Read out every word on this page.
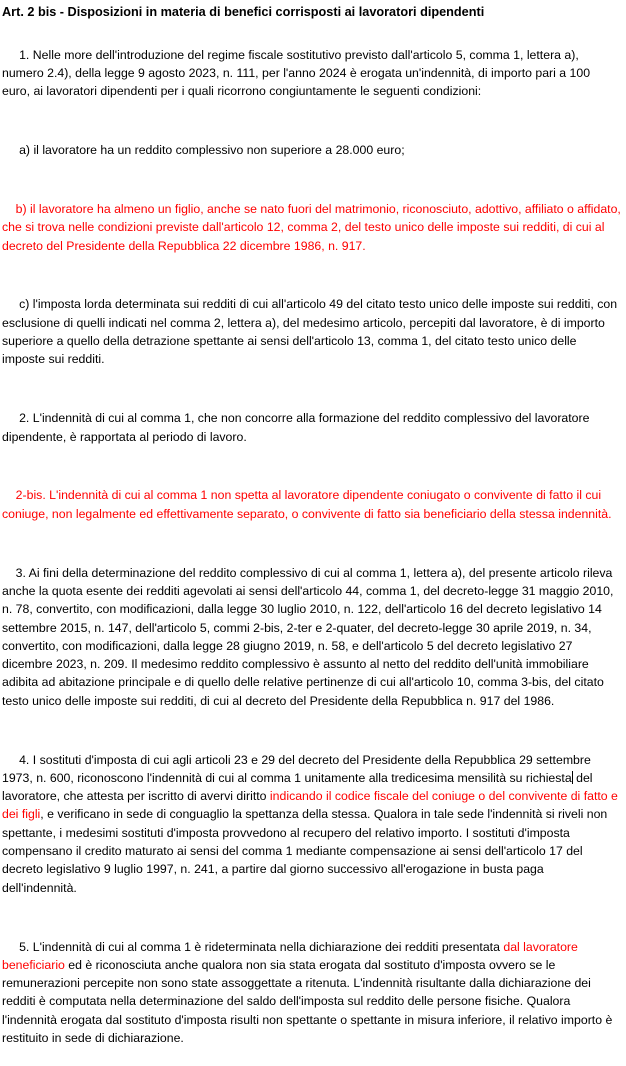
Art. 2 bis - Disposizioni in materia di benefici corrisposti ai lavoratori dipendenti

1. Nelle more dell'introduzione del regime fiscale sostitutivo previsto dall'articolo 5, comma 1, lettera a), numero 2.4), della legge 9 agosto 2023, n. 111, per l'anno 2024 è erogata un'indennità, di importo pari a 100 euro, ai lavoratori dipendenti per i quali ricorrono congiuntamente le seguenti condizioni:

a) il lavoratore ha un reddito complessivo non superiore a 28.000 euro;

b) il lavoratore ha almeno un figlio, anche se nato fuori del matrimonio, riconosciuto, adottivo, affiliato o affidato, che si trova nelle condizioni previste dall'articolo 12, comma 2, del testo unico delle imposte sui redditi, di cui al decreto del Presidente della Repubblica 22 dicembre 1986, n. 917.

c) l'imposta lorda determinata sui redditi di cui all'articolo 49 del citato testo unico delle imposte sui redditi, con esclusione di quelli indicati nel comma 2, lettera a), del medesimo articolo, percepiti dal lavoratore, è di importo superiore a quello della detrazione spettante ai sensi dell'articolo 13, comma 1, del citato testo unico delle imposte sui redditi.

2. L'indennità di cui al comma 1, che non concorre alla formazione del reddito complessivo del lavoratore dipendente, è rapportata al periodo di lavoro.

2-bis. L'indennità di cui al comma 1 non spetta al lavoratore dipendente coniugato o convivente di fatto il cui coniuge, non legalmente ed effettivamente separato, o convivente di fatto sia beneficiario della stessa indennità.

3. Ai fini della determinazione del reddito complessivo di cui al comma 1, lettera a), del presente articolo rileva anche la quota esente dei redditi agevolati ai sensi dell'articolo 44, comma 1, del decreto-legge 31 maggio 2010, n. 78, convertito, con modificazioni, dalla legge 30 luglio 2010, n. 122, dell'articolo 16 del decreto legislativo 14 settembre 2015, n. 147, dell'articolo 5, commi 2-bis, 2-ter e 2-quater, del decreto-legge 30 aprile 2019, n. 34, convertito, con modificazioni, dalla legge 28 giugno 2019, n. 58, e dell'articolo 5 del decreto legislativo 27 dicembre 2023, n. 209. Il medesimo reddito complessivo è assunto al netto del reddito dell'unità immobiliare adibita ad abitazione principale e di quello delle relative pertinenze di cui all'articolo 10, comma 3-bis, del citato testo unico delle imposte sui redditi, di cui al decreto del Presidente della Repubblica n. 917 del 1986.

4. I sostituti d'imposta di cui agli articoli 23 e 29 del decreto del Presidente della Repubblica 29 settembre 1973, n. 600, riconoscono l'indennità di cui al comma 1 unitamente alla tredicesima mensilità su richiesta del lavoratore, che attesta per iscritto di avervi diritto indicando il codice fiscale del coniuge o del convivente di fatto e dei figli, e verificano in sede di conguaglio la spettanza della stessa. Qualora in tale sede l'indennità si riveli non spettante, i medesimi sostituti d'imposta provvedono al recupero del relativo importo. I sostituti d'imposta compensano il credito maturato ai sensi del comma 1 mediante compensazione ai sensi dell'articolo 17 del decreto legislativo 9 luglio 1997, n. 241, a partire dal giorno successivo all'erogazione in busta paga dell'indennità.

5. L'indennità di cui al comma 1 è rideterminata nella dichiarazione dei redditi presentata dal lavoratore beneficiario ed è riconosciuta anche qualora non sia stata erogata dal sostituto d'imposta ovvero se le remunerazioni percepite non sono state assoggettate a ritenuta. L'indennità risultante dalla dichiarazione dei redditi è computata nella determinazione del saldo dell'imposta sul reddito delle persone fisiche. Qualora l'indennità erogata dal sostituto d'imposta risulti non spettante o spettante in misura inferiore, il relativo importo è restituito in sede di dichiarazione.
